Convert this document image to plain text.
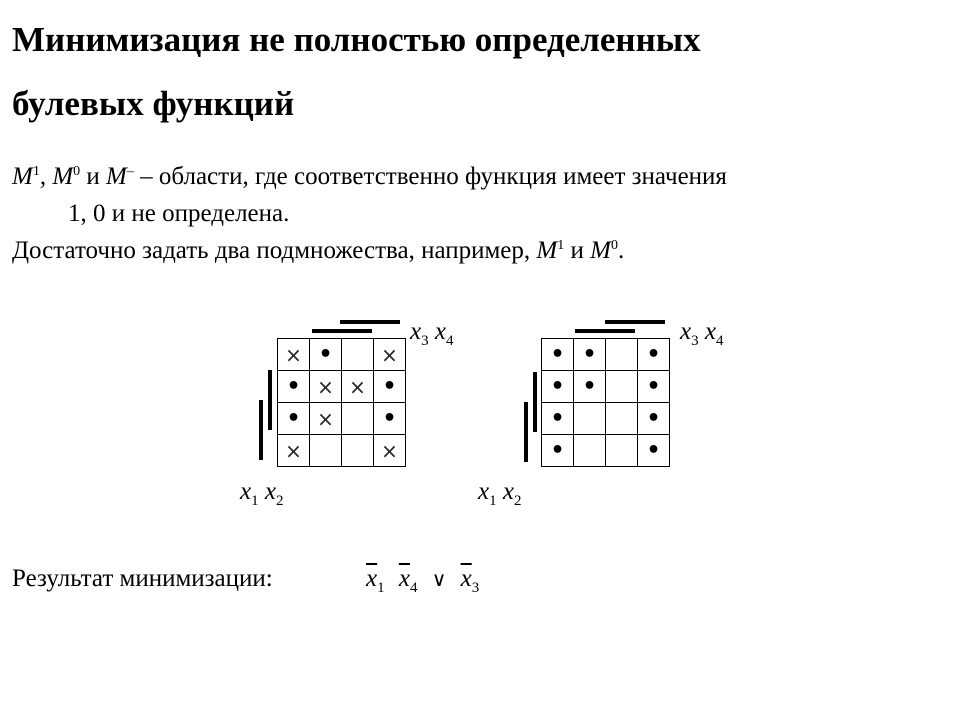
Минимизация не полностью определенных
булевых функций
$M^1$, $M^0$ и M– – области, где соответственно функция имеет значения
1, 0 и не определена.
Достаточно задать два подмножества, например, $M^1$ и $M^0$.
$x_3$ $x_4$
×	•		×
•	×	×	•
•	×		•
×			×
$x_1$ $x_2$
$x_3$ $x_4$
•	•		•
•	•		•
•			•
•			•
$x_1$ $x_2$
Результат минимизации:	$\overline{x}_1$ $\overline{x}_4$ ∨ $\overline{x}_3$
